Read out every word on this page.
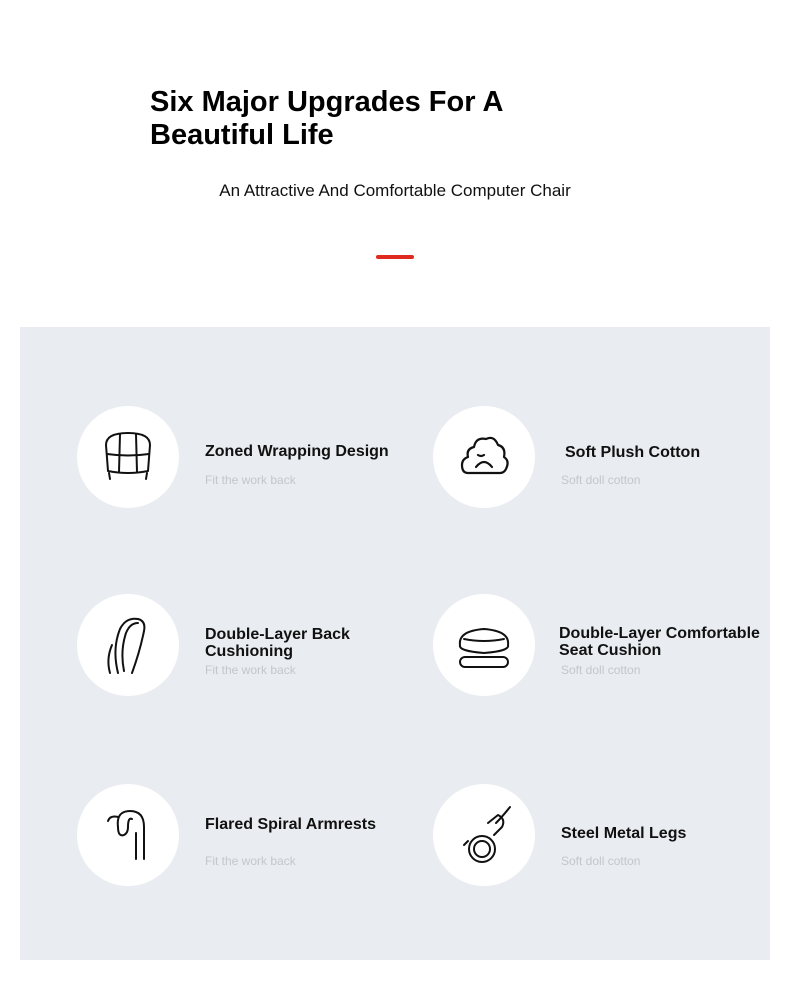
Six Major Upgrades For A
Beautiful Life

An Attractive And Comfortable Computer Chair

Zoned Wrapping Design

Fit the work back

Soft Plush Cotton

Soft doll cotton

Double-Layer Back Cushioning

Fit the work back

Double-Layer Comfortable Seat Cushion

Soft doll cotton

Flared Spiral Armrests

Fit the work back

Steel Metal Legs

Soft doll cotton
